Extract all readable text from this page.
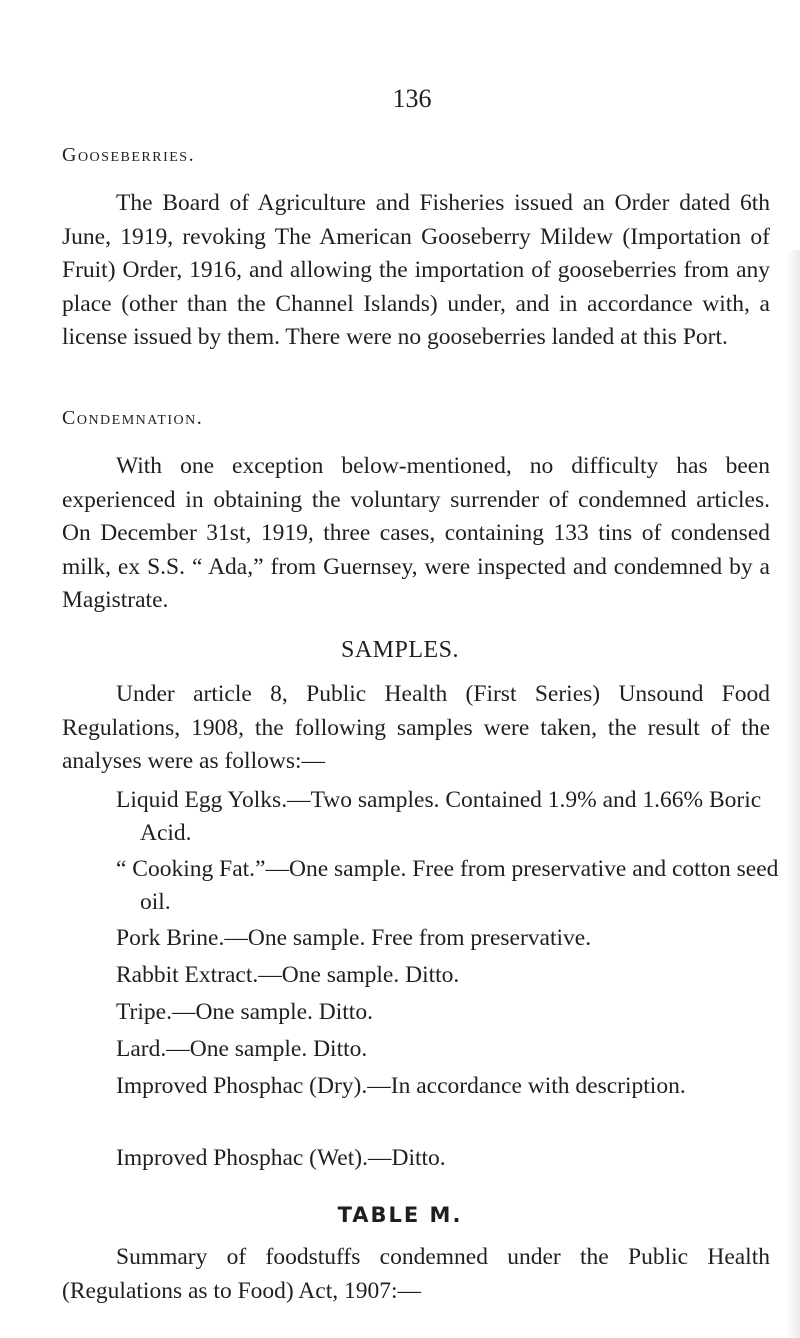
136
Gooseberries.

The Board of Agriculture and Fisheries issued an Order dated 6th June, 1919, revoking The American Gooseberry Mildew (Importation of Fruit) Order, 1916, and allowing the importation of gooseberries from any place (other than the Channel Islands) under, and in accordance with, a license issued by them. There were no gooseberries landed at this Port.

Condemnation.

With one exception below-mentioned, no difficulty has been experienced in obtaining the voluntary surrender of condemned articles. On December 31st, 1919, three cases, containing 133 tins of condensed milk, ex S.S. “ Ada,” from Guernsey, were inspected and condemned by a Magistrate.

SAMPLES.

Under article 8, Public Health (First Series) Unsound Food Regulations, 1908, the following samples were taken, the result of the analyses were as follows:—

Liquid Egg Yolks.—Two samples. Contained 1.9% and 1.66% Boric Acid.

“ Cooking Fat.”—One sample. Free from preservative and cotton seed oil.

Pork Brine.—One sample. Free from preservative.

Rabbit Extract.—One sample. Ditto.

Tripe.—One sample. Ditto.

Lard.—One sample. Ditto.

Improved Phosphac (Dry).—In accordance with description.

Improved Phosphac (Wet).—Ditto.

TABLE M.

Summary of foodstuffs condemned under the Public Health (Regulations as to Food) Act, 1907:—
